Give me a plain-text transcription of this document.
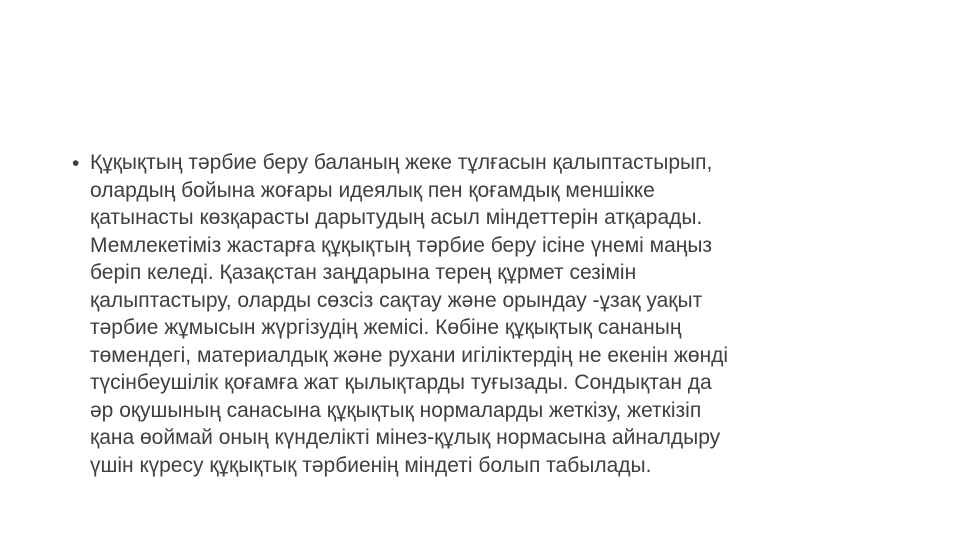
• Құқықтың тәрбие беру баланың жеке тұлғасын қалыптастырып,
олардың бойына жоғары идеялық пен қоғамдық меншікке
қатынасты көзқарасты дарытудың асыл міндеттерін атқарады.
Мемлекетіміз жастарға құқықтың тәрбие беру ісіне үнемі маңыз
беріп келеді. Қазақстан заңдарына терең құрмет сезімін
қалыптастыру, оларды сөзсіз сақтау және орындау -ұзақ уақыт
тәрбие жұмысын жүргізудің жемісі. Көбіне құқықтық сананың
төмендегі, материалдық және рухани игіліктердің не екенін жөнді
түсінбеушілік қоғамға жат қылықтарды туғызады. Сондықтан да
әр оқушының санасына құқықтық нормаларды жеткізу, жеткізіп
қана өоймай оның күнделікті мінез-құлық нормасына айналдыру
үшін күресу құқықтық тәрбиенің міндеті болып табылады.
